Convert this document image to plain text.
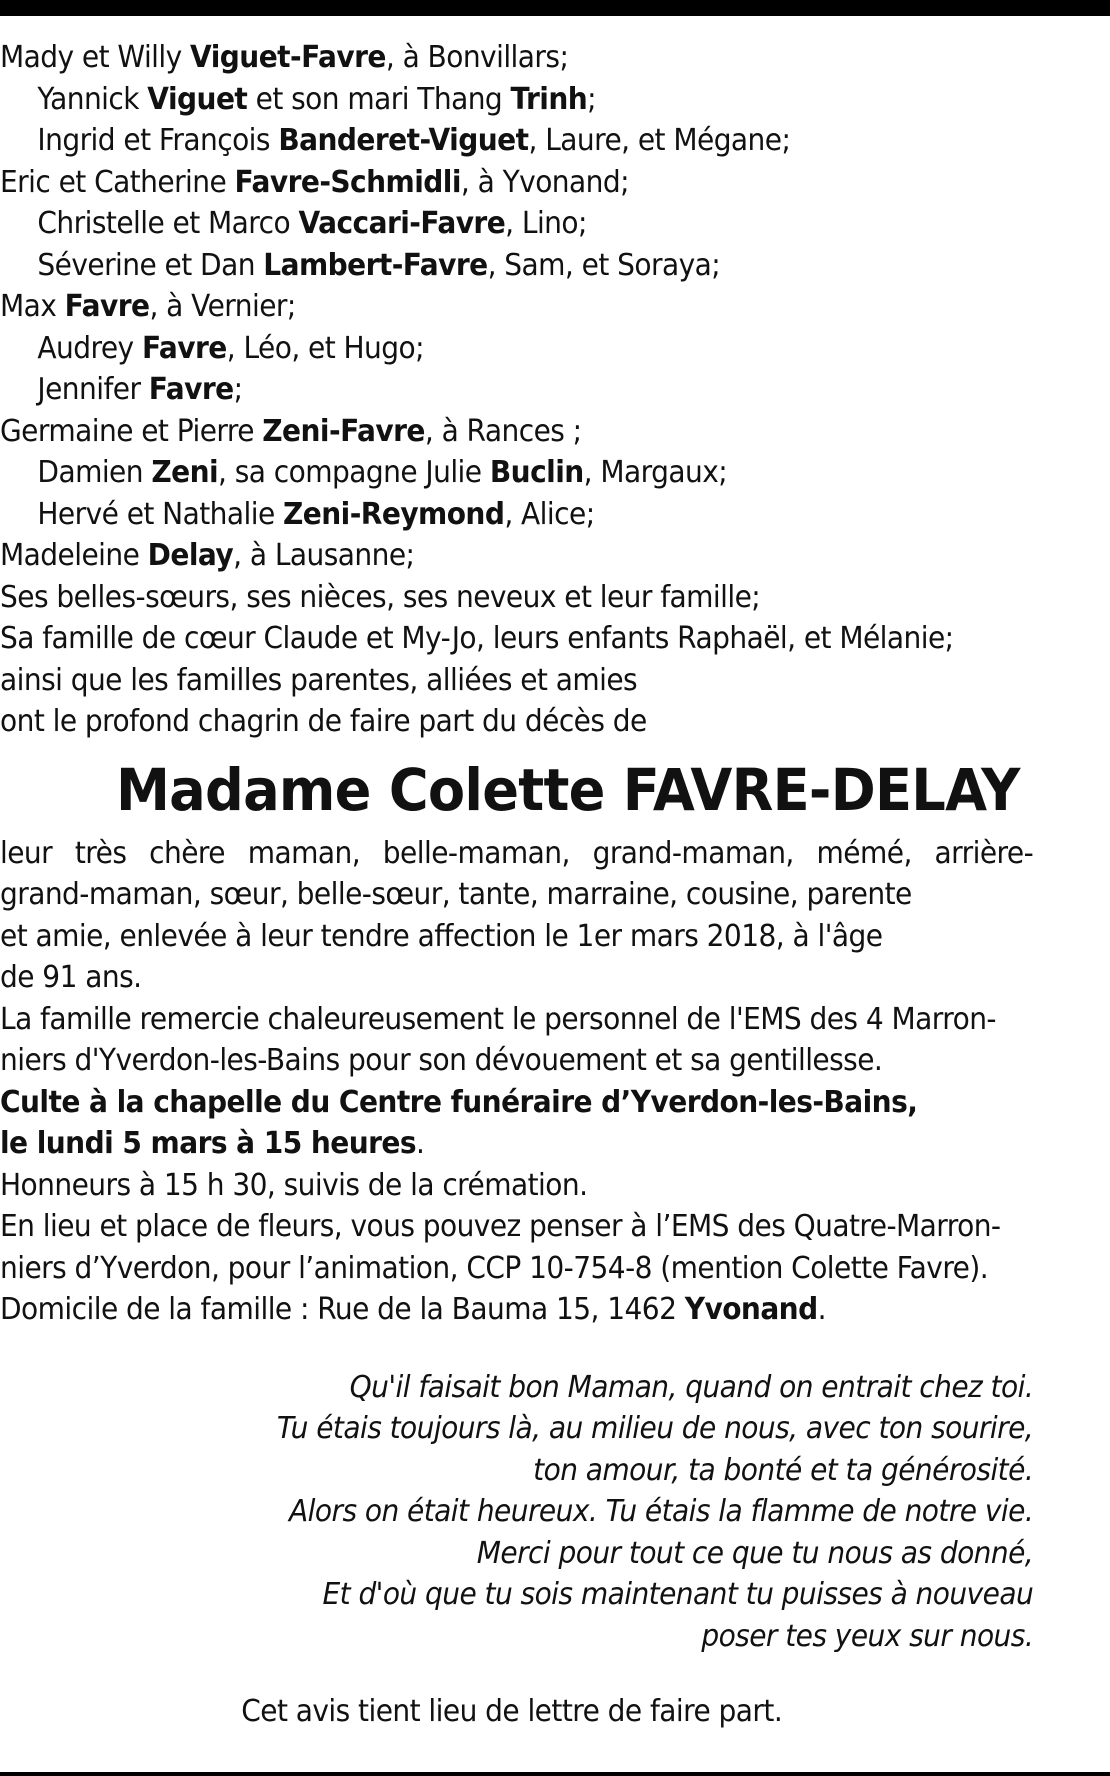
Mady et Willy Viguet-Favre, à Bonvillars;
Yannick Viguet et son mari Thang Trinh;
Ingrid et François Banderet-Viguet, Laure, et Mégane;
Eric et Catherine Favre-Schmidli, à Yvonand;
Christelle et Marco Vaccari-Favre, Lino;
Séverine et Dan Lambert-Favre, Sam, et Soraya;
Max Favre, à Vernier;
Audrey Favre, Léo, et Hugo;
Jennifer Favre;
Germaine et Pierre Zeni-Favre, à Rances ;
Damien Zeni, sa compagne Julie Buclin, Margaux;
Hervé et Nathalie Zeni-Reymond, Alice;
Madeleine Delay, à Lausanne;
Ses belles-sœurs, ses nièces, ses neveux et leur famille;
Sa famille de cœur Claude et My-Jo, leurs enfants Raphaël, et Mélanie;
ainsi que les familles parentes, alliées et amies
ont le profond chagrin de faire part du décès de
Madame Colette FAVRE-DELAY
leur très chère maman, belle-maman, grand-maman, mémé, arrière-
grand-maman, sœur, belle-sœur, tante, marraine, cousine, parente
et amie, enlevée à leur tendre affection le 1er mars 2018, à l'âge
de 91 ans.
La famille remercie chaleureusement le personnel de l'EMS des 4 Marron-
niers d'Yverdon-les-Bains pour son dévouement et sa gentillesse.
Culte à la chapelle du Centre funéraire d’Yverdon-les-Bains,
le lundi 5 mars à 15 heures.
Honneurs à 15 h 30, suivis de la crémation.
En lieu et place de fleurs, vous pouvez penser à l’EMS des Quatre-Marron-
niers d’Yverdon, pour l’animation, CCP 10-754-8 (mention Colette Favre).
Domicile de la famille : Rue de la Bauma 15, 1462 Yvonand.
Qu'il faisait bon Maman, quand on entrait chez toi.
Tu étais toujours là, au milieu de nous, avec ton sourire,
ton amour, ta bonté et ta générosité.
Alors on était heureux. Tu étais la flamme de notre vie.
Merci pour tout ce que tu nous as donné,
Et d'où que tu sois maintenant tu puisses à nouveau
poser tes yeux sur nous.
Cet avis tient lieu de lettre de faire part.
